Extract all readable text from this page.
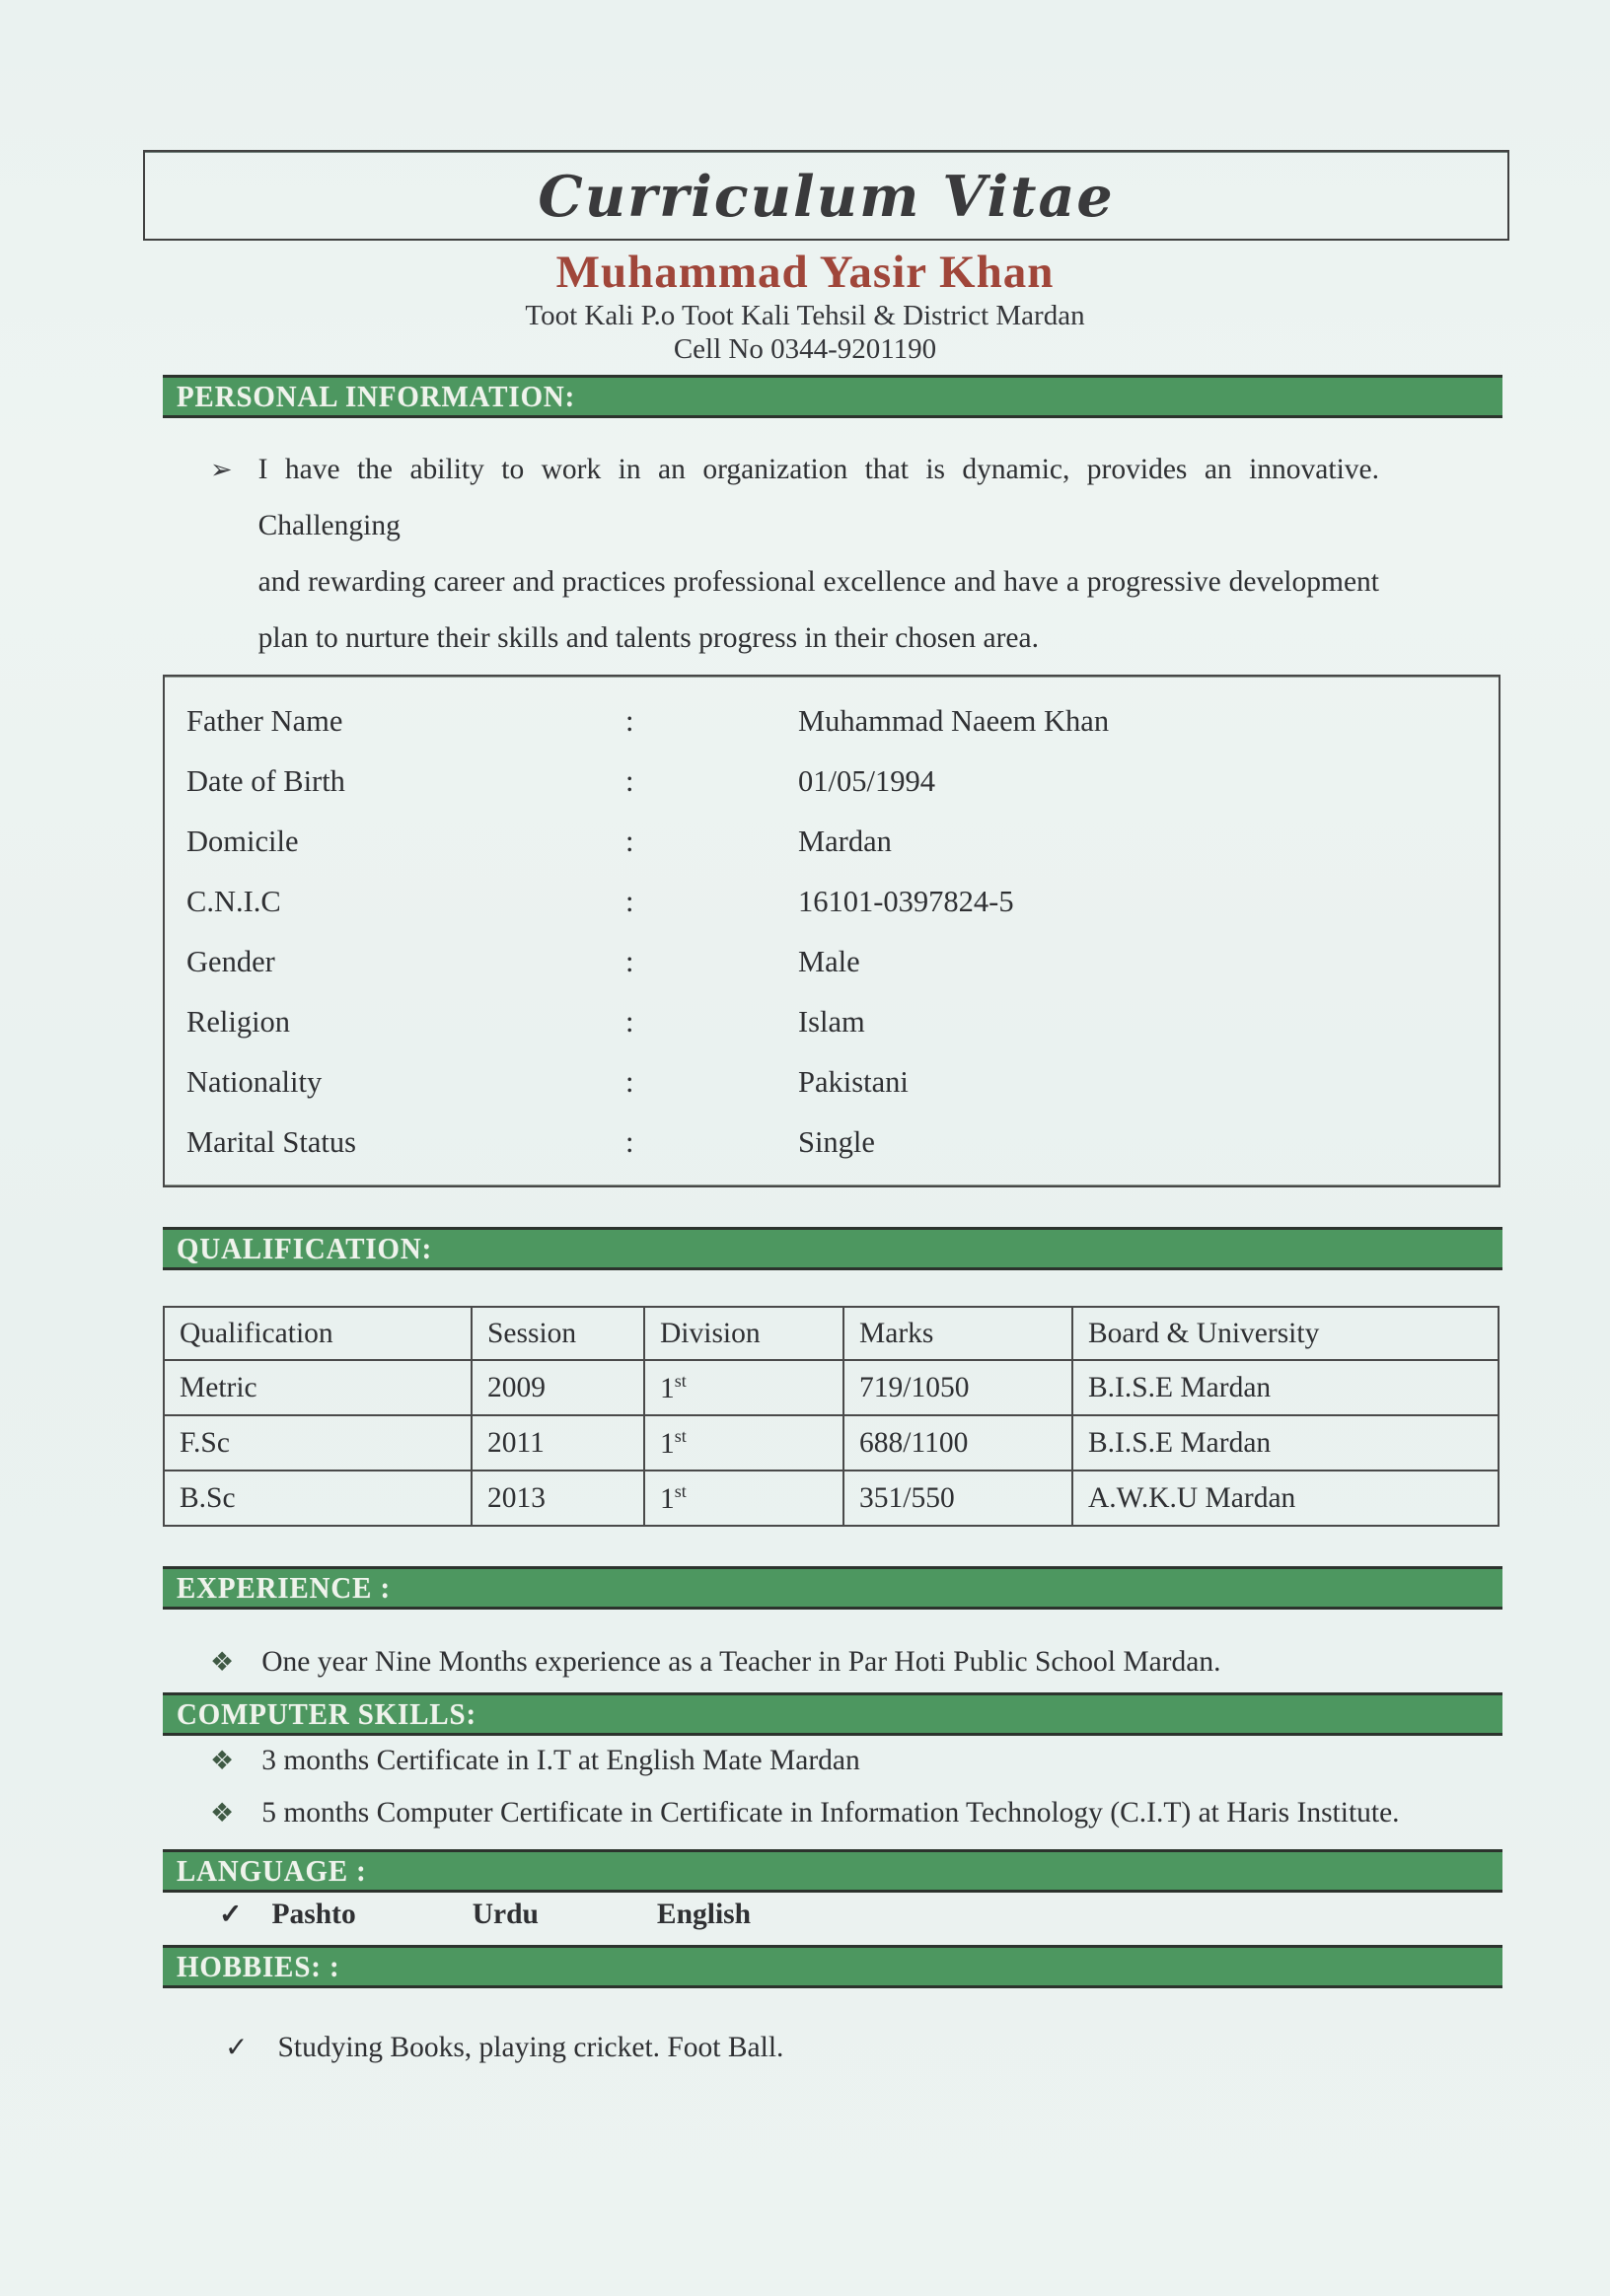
Curriculum Vitae
Muhammad Yasir Khan
Toot Kali P.o Toot Kali Tehsil & District Mardan
Cell No 0344-9201190
PERSONAL INFORMATION:
➢ I have the ability to work in an organization that is dynamic, provides an innovative. Challenging
and rewarding career and practices professional excellence and have a progressive development
plan to nurture their skills and talents progress in their chosen area.
Father Name	:	Muhammad Naeem Khan
Date of Birth	:	01/05/1994
Domicile	:	Mardan
C.N.I.C	:	16101-0397824-5
Gender	:	Male
Religion	:	Islam
Nationality	:	Pakistani
Marital Status	:	Single
QUALIFICATION:
Qualification	Session	Division	Marks	Board & University
Metric	2009	1st	719/1050	B.I.S.E Mardan
F.Sc	2011	1st	688/1100	B.I.S.E Mardan
B.Sc	2013	1st	351/550	A.W.K.U Mardan
EXPERIENCE :
❖ One year Nine Months experience as a Teacher in Par Hoti Public School Mardan.
COMPUTER SKILLS:
❖ 3 months Certificate in I.T at English Mate Mardan
❖ 5 months Computer Certificate in Certificate in Information Technology (C.I.T) at Haris Institute.
LANGUAGE :
✓ Pashto	Urdu	English
HOBBIES: :
✓ Studying Books, playing cricket. Foot Ball.
